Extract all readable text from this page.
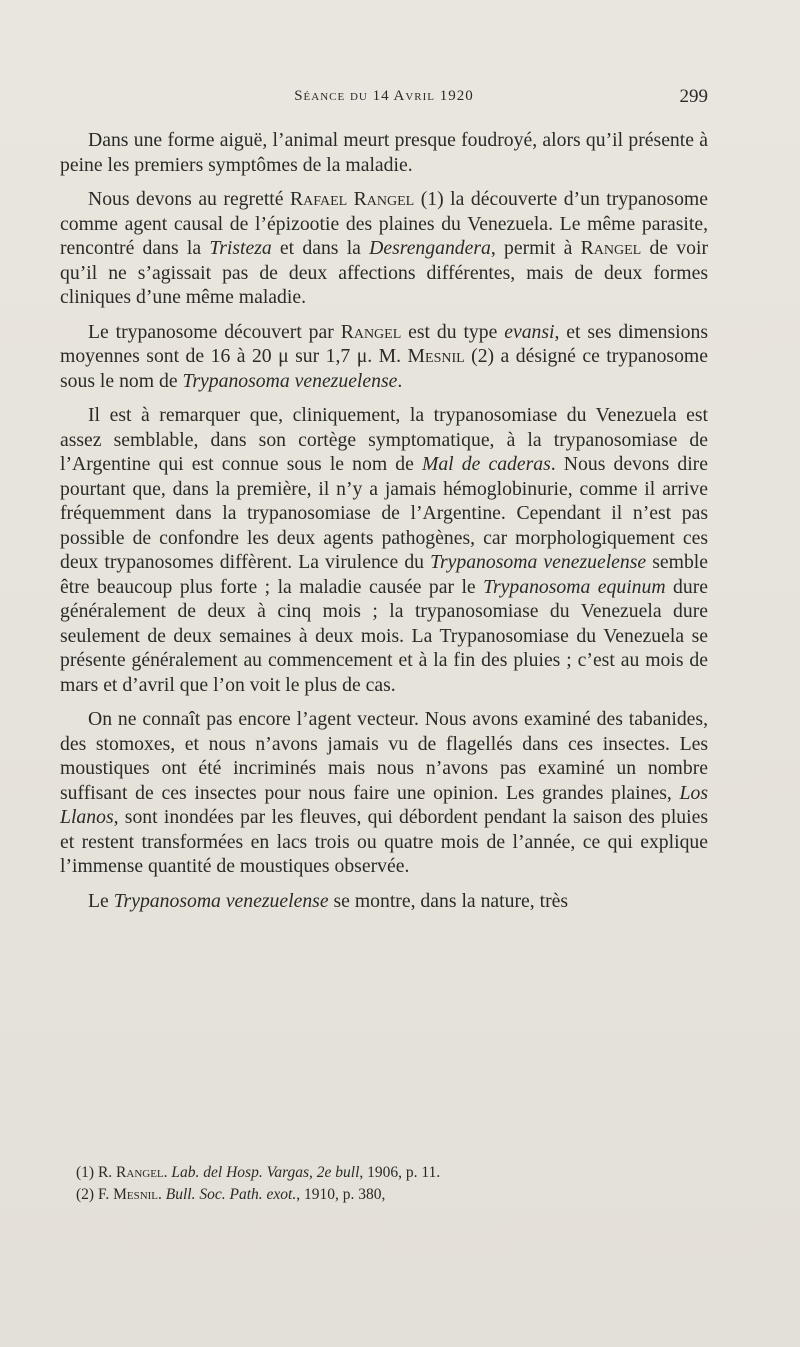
Séance du 14 Avril 1920	299

Dans une forme aiguë, l’animal meurt presque foudroyé, alors qu’il présente à peine les premiers symptômes de la maladie.

Nous devons au regretté Rafael Rangel (1) la découverte d’un trypanosome comme agent causal de l’épizootie des plaines du Venezuela. Le même parasite, rencontré dans la Tristeza et dans la Desrengandera, permit à Rangel de voir qu’il ne s’agissait pas de deux affections différentes, mais de deux formes cliniques d’une même maladie.

Le trypanosome découvert par Rangel est du type evansi, et ses dimensions moyennes sont de 16 à 20 μ sur 1,7 μ. M. Mesnil (2) a désigné ce trypanosome sous le nom de Trypanosoma venezuelense.

Il est à remarquer que, cliniquement, la trypanosomiase du Venezuela est assez semblable, dans son cortège symptomatique, à la trypanosomiase de l’Argentine qui est connue sous le nom de Mal de caderas. Nous devons dire pourtant que, dans la première, il n’y a jamais hémoglobinurie, comme il arrive fréquemment dans la trypanosomiase de l’Argentine. Cependant il n’est pas possible de confondre les deux agents pathogènes, car morphologiquement ces deux trypanosomes diffèrent. La virulence du Trypanosoma venezuelense semble être beaucoup plus forte ; la maladie causée par le Trypanosoma equinum dure généralement de deux à cinq mois ; la trypanosomiase du Venezuela dure seulement de deux semaines à deux mois. La Trypanosomiase du Venezuela se présente généralement au commencement et à la fin des pluies ; c’est au mois de mars et d’avril que l’on voit le plus de cas.

On ne connaît pas encore l’agent vecteur. Nous avons examiné des tabanides, des stomoxes, et nous n’avons jamais vu de flagellés dans ces insectes. Les moustiques ont été incriminés mais nous n’avons pas examiné un nombre suffisant de ces insectes pour nous faire une opinion. Les grandes plaines, Los Llanos, sont inondées par les fleuves, qui débordent pendant la saison des pluies et restent transformées en lacs trois ou quatre mois de l’année, ce qui explique l’immense quantité de moustiques observée.

Le Trypanosoma venezuelense se montre, dans la nature, très

(1) R. Rangel. Lab. del Hosp. Vargas, 2e bull, 1906, p. 11.

(2) F. Mesnil. Bull. Soc. Path. exot., 1910, p. 380,
